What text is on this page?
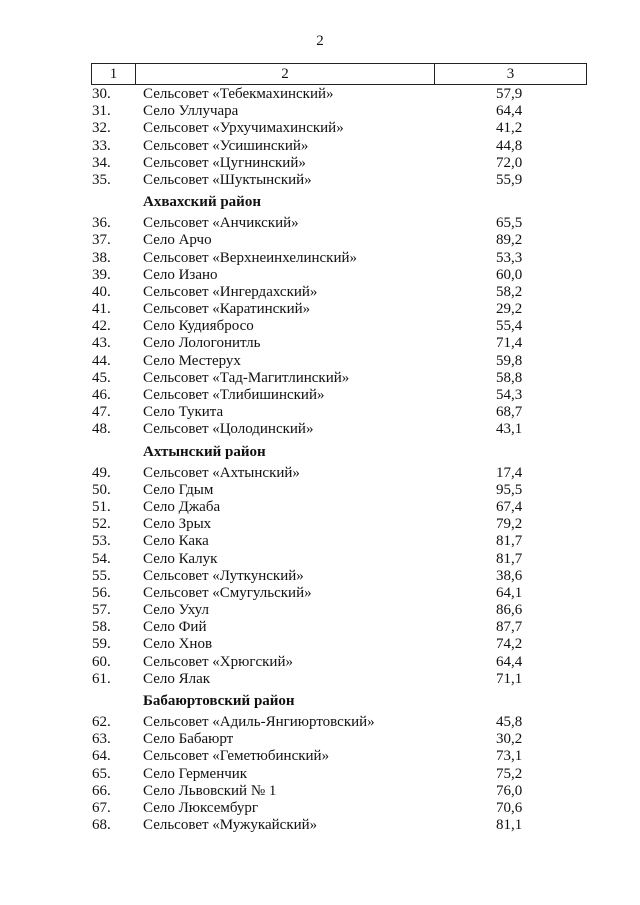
2
1	2	3
30. Сельсовет «Тебекмахинский»	57,9
31. Село Уллучара	64,4
32. Сельсовет «Урхучимахинский»	41,2
33. Сельсовет «Усишинский»	44,8
34. Сельсовет «Цугнинский»	72,0
35. Сельсовет «Шуктынский»	55,9
Ахвахский район
36. Сельсовет «Анчикский»	65,5
37. Село Арчо	89,2
38. Сельсовет «Верхнеинхелинский»	53,3
39. Село Изано	60,0
40. Сельсовет «Ингердахский»	58,2
41. Сельсовет «Каратинский»	29,2
42. Село Кудиябросо	55,4
43. Село Лологонитль	71,4
44. Село Местерух	59,8
45. Сельсовет «Тад-Магитлинский»	58,8
46. Сельсовет «Тлибишинский»	54,3
47. Село Тукита	68,7
48. Сельсовет «Цолодинский»	43,1
Ахтынский район
49. Сельсовет «Ахтынский»	17,4
50. Село Гдым	95,5
51. Село Джаба	67,4
52. Село Зрых	79,2
53. Село Кака	81,7
54. Село Калук	81,7
55. Сельсовет «Луткунский»	38,6
56. Сельсовет «Смугульский»	64,1
57. Село Ухул	86,6
58. Село Фий	87,7
59. Село Хнов	74,2
60. Сельсовет «Хрюгский»	64,4
61. Село Ялак	71,1
Бабаюртовский район
62. Сельсовет «Адиль-Янгиюртовский»	45,8
63. Село Бабаюрт	30,2
64. Сельсовет «Геметюбинский»	73,1
65. Село Герменчик	75,2
66. Село Львовский № 1	76,0
67. Село Люксембург	70,6
68. Сельсовет «Мужукайский»	81,1
